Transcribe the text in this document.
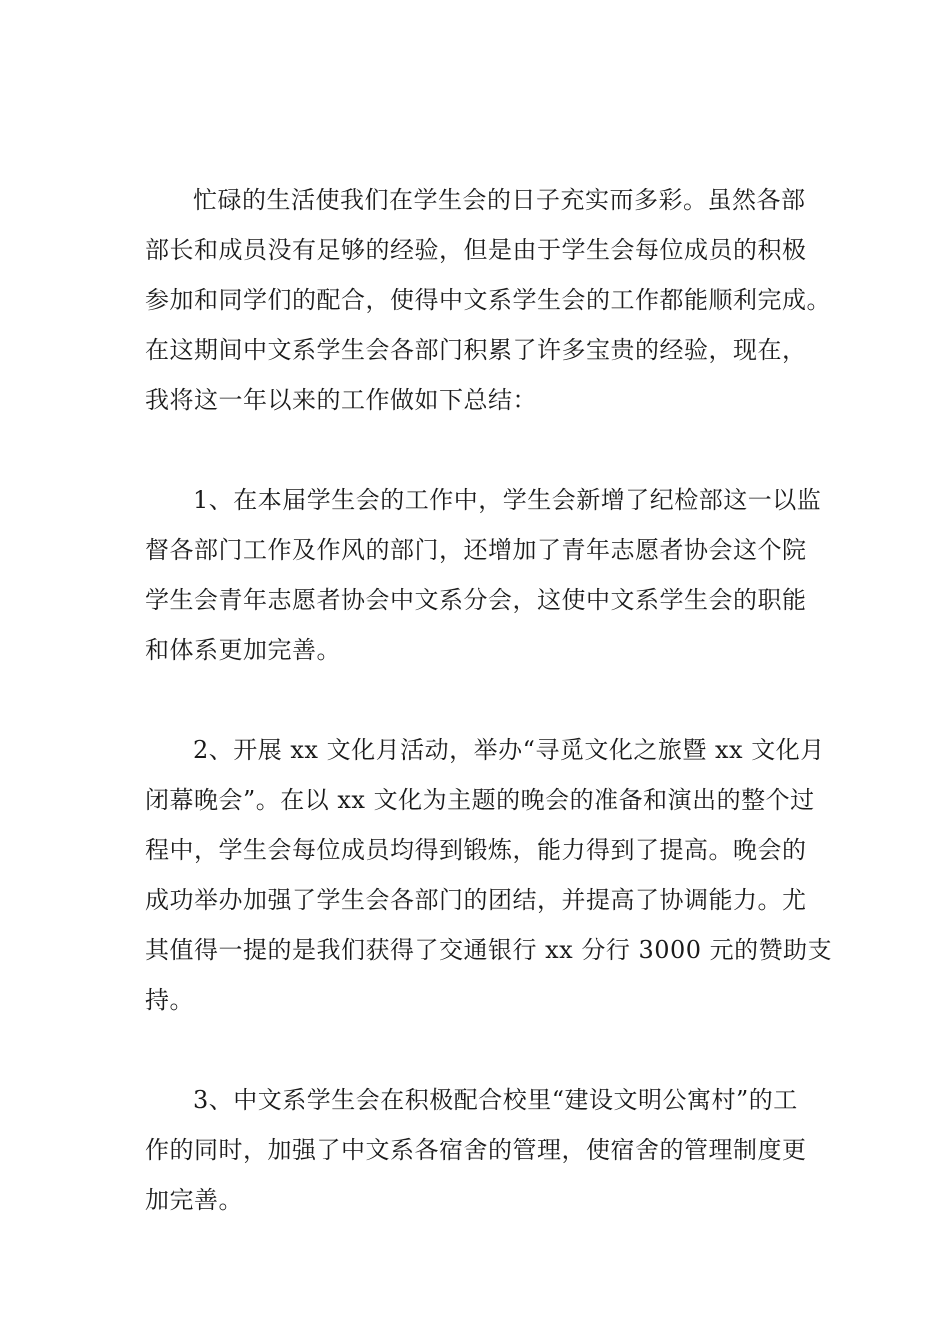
忙碌的生活使我们在学生会的日子充实而多彩。虽然各部
部长和成员没有足够的经验，但是由于学生会每位成员的积极
参加和同学们的配合，使得中文系学生会的工作都能顺利完成。
在这期间中文系学生会各部门积累了许多宝贵的经验，现在，
我将这一年以来的工作做如下总结：
1、在本届学生会的工作中，学生会新增了纪检部这一以监
督各部门工作及作风的部门，还增加了青年志愿者协会这个院
学生会青年志愿者协会中文系分会，这使中文系学生会的职能
和体系更加完善。
2、开展 xx 文化月活动，举办“寻觅文化之旅暨 xx 文化月
闭幕晚会”。在以 xx 文化为主题的晚会的准备和演出的整个过
程中，学生会每位成员均得到锻炼，能力得到了提高。晚会的
成功举办加强了学生会各部门的团结，并提高了协调能力。尤
其值得一提的是我们获得了交通银行 xx 分行 3000 元的赞助支
持。
3、中文系学生会在积极配合校里“建设文明公寓村”的工
作的同时，加强了中文系各宿舍的管理，使宿舍的管理制度更
加完善。
